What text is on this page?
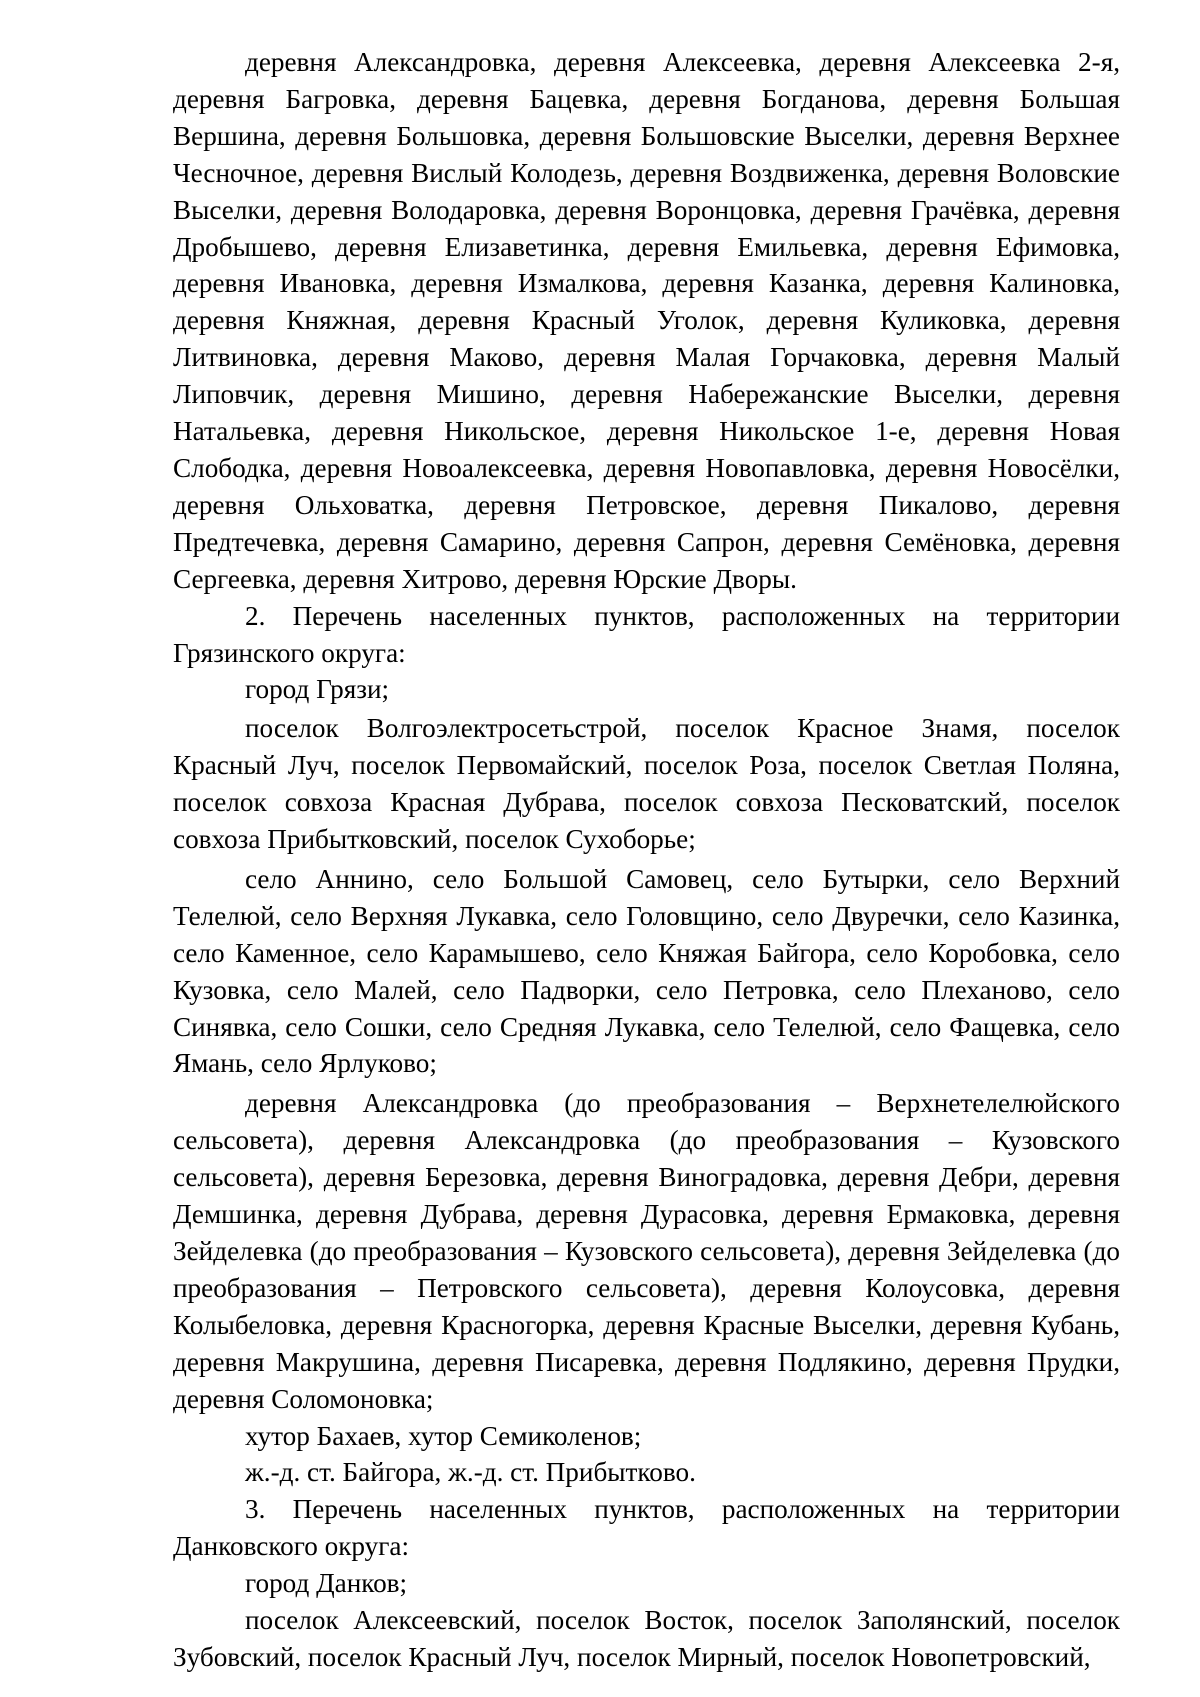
деревня Александровка, деревня Алексеевка, деревня Алексеевка 2-я, деревня Багровка, деревня Бацевка, деревня Богданова, деревня Большая Вершина, деревня Большовка, деревня Большовские Выселки, деревня Верхнее Чесночное, деревня Вислый Колодезь, деревня Воздвиженка, деревня Воловские Выселки, деревня Володаровка, деревня Воронцовка, деревня Грачёвка, деревня Дробышево, деревня Елизаветинка, деревня Емильевка, деревня Ефимовка, деревня Ивановка, деревня Измалкова, деревня Казанка, деревня Калиновка, деревня Княжная, деревня Красный Уголок, деревня Куликовка, деревня Литвиновка, деревня Маково, деревня Малая Горчаковка, деревня Малый Липовчик, деревня Мишино, деревня Набережанские Выселки, деревня Натальевка, деревня Никольское, деревня Никольское 1-е, деревня Новая Слободка, деревня Новоалексеевка, деревня Новопавловка, деревня Новосёлки, деревня Ольховатка, деревня Петровское, деревня Пикалово, деревня Предтечевка, деревня Самарино, деревня Сапрон, деревня Семёновка, деревня Сергеевка, деревня Хитрово, деревня Юрские Дворы.

2. Перечень населенных пунктов, расположенных на территории Грязинского округа:

город Грязи;

поселок Волгоэлектросетьстрой, поселок Красное Знамя, поселок Красный Луч, поселок Первомайский, поселок Роза, поселок Светлая Поляна, поселок совхоза Красная Дубрава, поселок совхоза Песковатский, поселок совхоза Прибытковский, поселок Сухоборье;

село Аннино, село Большой Самовец, село Бутырки, село Верхний Телелюй, село Верхняя Лукавка, село Головщино, село Двуречки, село Казинка, село Каменное, село Карамышево, село Княжая Байгора, село Коробовка, село Кузовка, село Малей, село Падворки, село Петровка, село Плеханово, село Синявка, село Сошки, село Средняя Лукавка, село Телелюй, село Фащевка, село Ямань, село Ярлуково;

деревня Александровка (до преобразования – Верхнетелелюйского сельсовета), деревня Александровка (до преобразования – Кузовского сельсовета), деревня Березовка, деревня Виноградовка, деревня Дебри, деревня Демшинка, деревня Дубрава, деревня Дурасовка, деревня Ермаковка, деревня Зейделевка (до преобразования – Кузовского сельсовета), деревня Зейделевка (до преобразования – Петровского сельсовета), деревня Колоусовка, деревня Колыбеловка, деревня Красногорка, деревня Красные Выселки, деревня Кубань, деревня Макрушина, деревня Писаревка, деревня Подлякино, деревня Прудки, деревня Соломоновка;

хутор Бахаев, хутор Семиколенов;

ж.-д. ст. Байгора, ж.-д. ст. Прибытково.

3. Перечень населенных пунктов, расположенных на территории Данковского округа:

город Данков;

поселок Алексеевский, поселок Восток, поселок Заполянский, поселок Зубовский, поселок Красный Луч, поселок Мирный, поселок Новопетровский,
